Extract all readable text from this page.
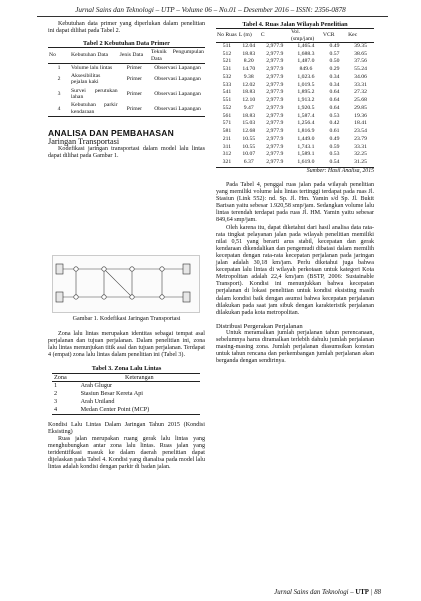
Jurnal Sains dan Teknologi – UTP – Volume 06 – No.01 – Desember 2016 – ISSN: 2356-0878

Kebutuhan data primer yang diperlukan dalam penelitian ini dapat dilihat pada Tabel 2.

Tabel 2 Kebutuhan Data Primer
No	Kebutuhan Data	Jenis Data	Teknik Pengumpulan Data
1	Volume lalu lintas	Primer	Observasi Lapangan
2	Aksesibilitas pejalan kaki	Primer	Observasi Lapangan
3	Survei perutukan lahan	Primer	Observasi Lapangan
4	Kebutuhan parkir kendaraan	Primer	Observasi Lapangan
ANALISA DAN PEMBAHASAN
Jaringan Transportasi

Kodefikasi jaringan transportasi dalam model lalu lintas dapat dilihat pada Gambar 1.

Gambar 1. Kodefikasi Jaringan Transportasi

Zona lalu lintas merupakan identitas sebagai tempat asal perjalanan dan tujuan perjalanan. Dalam penelitian ini, zona lalu lintas menunjukan titik asal dan tujuan perjalanan. Terdapat 4 (empat) zona lalu lintas dalam penelitian ini (Tabel 3).

Tabel 3. Zona Lalu Lintas
Zona	Keterangan
1	Arah Glugur
2	Stasiun Besar Kereta Api
3	Arah Uniland
4	Medan Center Point (MCP)

Kondisi Lalu Lintas Dalam Jaringan Tahun 2015 (Kondisi Eksisting)

Ruas jalan merupakan ruang gerak lalu lintas yang menghubungkan antar zona lalu lintas. Ruas jalan yang teridentifikasi masuk ke dalam daerah penelitian dapat dijelaskan pada Tabel 4. Kondisi yang dianalisa pada model lalu lintas adalah kondisi dengan parkir di badan jalan.

Tabel 4. Ruas Jalan Wilayah Penelitian
No Ruas	L (m)	C	Vol. (smp/jam)	VCR	Kec
511	12.04	2,977.9	1,465.4	0.49	39.35
512	18.83	2,977.9	1,688.3	0.57	38.65
521	8.20	2,977.9	1,487.0	0.50	37.56
531	14.70	2,977.9	849.6	0.29	55.24
532	9.38	2,977.9	1,023.6	0.34	34.06
533	12.02	2,977.9	1,019.5	0.34	33.31
541	18.83	2,977.9	1,895.2	0.64	27.32
551	12.10	2,977.9	1,913.2	0.64	25.68
552	9.47	2,977.9	1,920.5	0.64	29.85
561	18.83	2,977.9	1,587.4	0.53	19.36
571	15.03	2,977.9	1,256.4	0.42	18.41
581	12.68	2,977.9	1,816.9	0.61	23.54
211	10.55	2,977.9	1,449.0	0.49	23.79
311	10.55	2,977.9	1,743.1	0.59	33.31
312	10.07	2,977.9	1,589.1	0.53	32.25
321	6.37	2,977.9	1,619.0	0.54	31.25
Sumber: Hasil Analisa, 2015

Pada Tabel 4, penggal ruas jalan pada wilayah penelitian yang memiliki volume lalu lintas tertinggi terdapat pada ruas Jl. Stasiun (Link 552): nd. Sp. Jl. Hm. Yamin s/d Sp. Jl. Bukit Barisan yaitu sebesar 1.920,58 smp/jam. Sedangkan volume lalu lintas terendah terdapat pada ruas Jl. HM. Yamin yaitu sebesar 849,64 smp/jam.

Oleh karena itu, dapat diketahui dari hasil analisa data rata-rata tingkat pelayanan jalan pada wilayah penelitian memiliki nilai 0,51 yang berarti arus stabil, kecepatan dan gerak kendaraan dikendalikan dan pengemudi dibatasi dalam memilih kecepatan dengan rata-rata kecepatan perjalanan pada jaringan jalan adalah 30,18 km/jam. Perlu diketahui juga bahwa kecepatan lalu lintas di wilayah perkotaan untuk kategori Kota Metropolitan adalah 22,4 km/jam (BSTP, 2006: Sustainable Transport). Kondisi ini menunjukkan bahwa kecepatan perjalanan di lokasi penelitian untuk kondisi eksisting masih dalam kondisi baik dengan asumsi bahwa kecepatan perjalanan dilakukan pada saat jam sibuk dengan karakteristik perjalanan dilakukan pada kota metropolitan.

Distribusi Pergerakan Perjalanan

Untuk meramalkan jumlah perjalanan tahun perencanaan, sebelumnya harus diramalkan terlebih dahulu jumlah perjalanan masing-masing zona. Jumlah perjalanan diasumsikan konstan untuk tahun rencana dan perkembangan jumlah perjalanan akan berganda dengan sendirinya.

Jurnal Sains dan Teknologi – UTP | 88
